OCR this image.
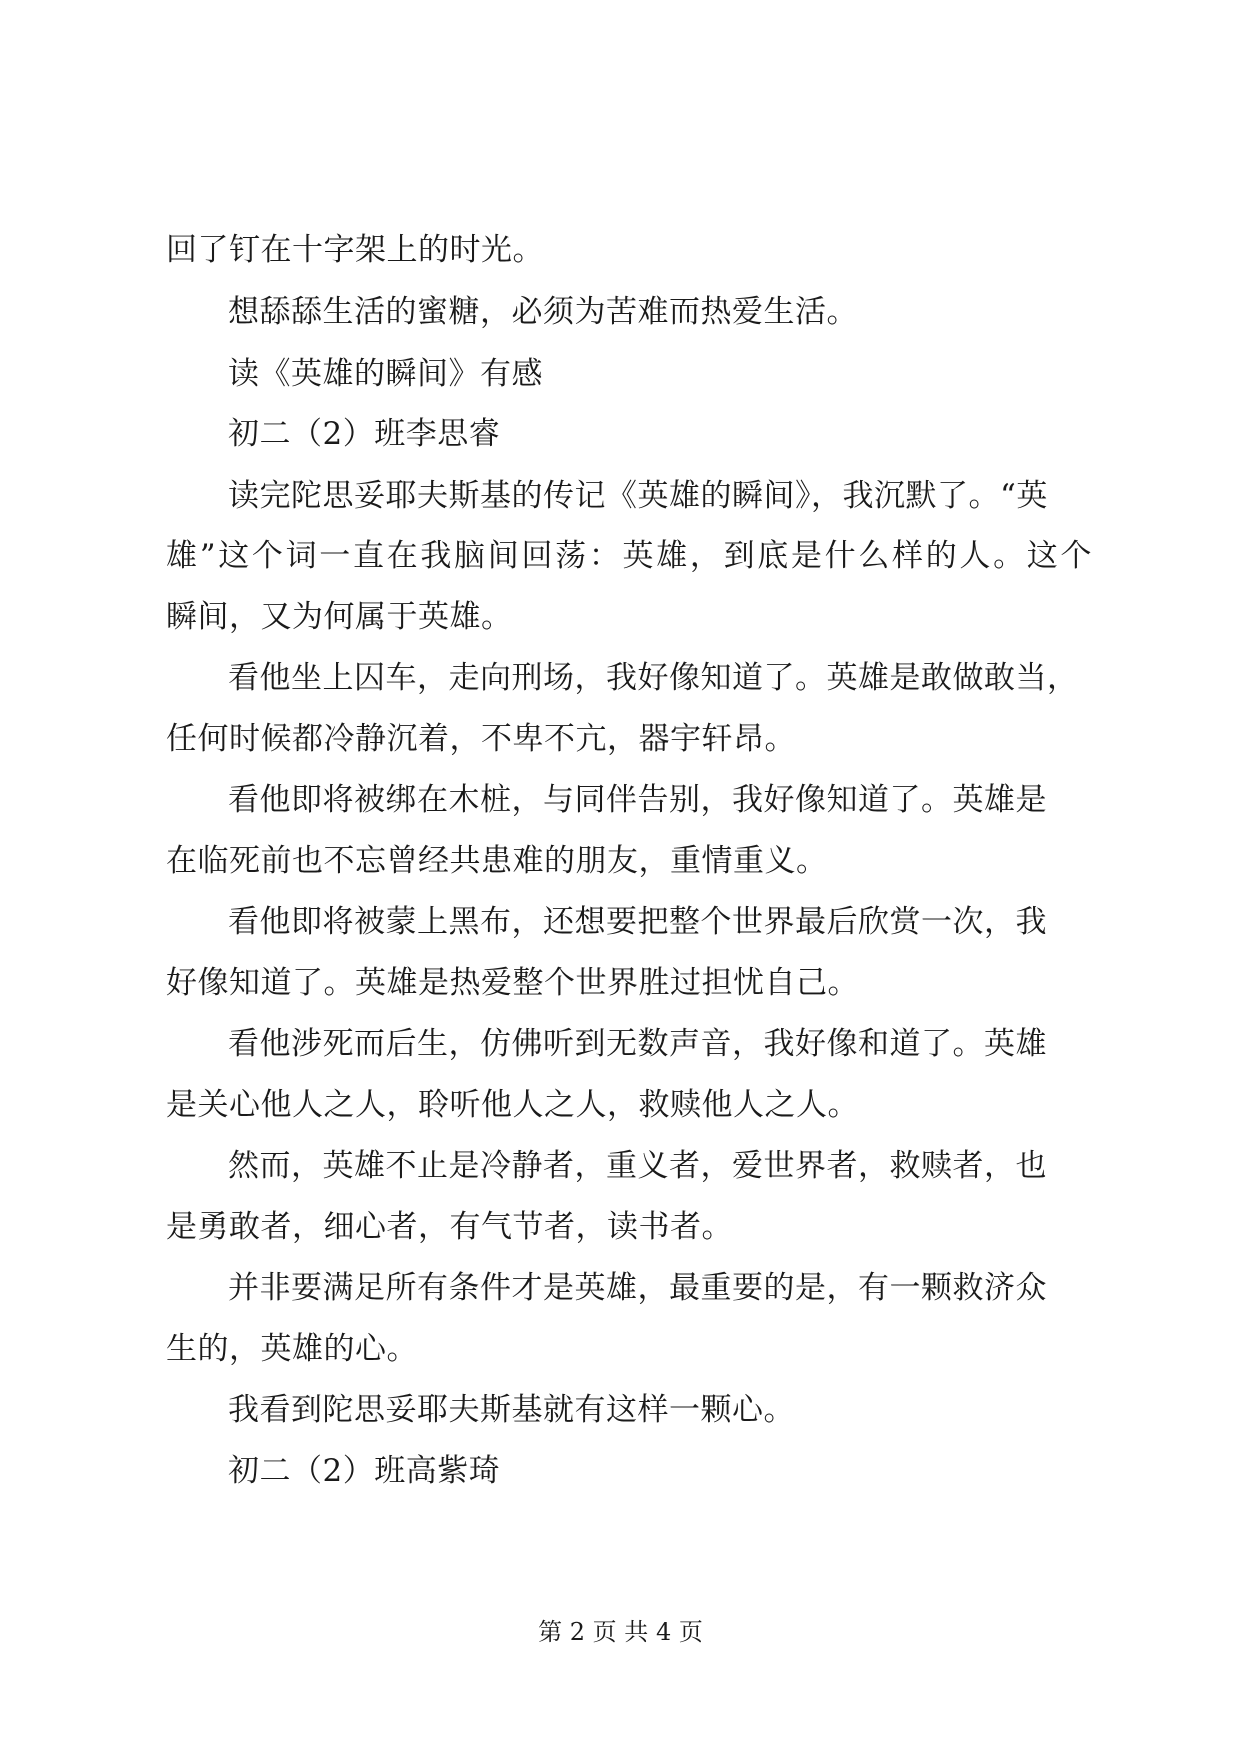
回了钉在十字架上的时光。
想舔舔生活的蜜糖，必须为苦难而热爱生活。
读《英雄的瞬间》有感
初二（2）班李思睿
读完陀思妥耶夫斯基的传记《英雄的瞬间》，我沉默了。“英
雄”这个词一直在我脑间回荡：英雄，到底是什么样的人。这个
瞬间，又为何属于英雄。
看他坐上囚车，走向刑场，我好像知道了。英雄是敢做敢当，
任何时候都冷静沉着，不卑不亢，器宇轩昂。
看他即将被绑在木桩，与同伴告别，我好像知道了。英雄是
在临死前也不忘曾经共患难的朋友，重情重义。
看他即将被蒙上黑布，还想要把整个世界最后欣赏一次，我
好像知道了。英雄是热爱整个世界胜过担忧自己。
看他涉死而后生，仿佛听到无数声音，我好像和道了。英雄
是关心他人之人，聆听他人之人，救赎他人之人。
然而，英雄不止是冷静者，重义者，爱世界者，救赎者，也
是勇敢者，细心者，有气节者，读书者。
并非要满足所有条件才是英雄，最重要的是，有一颗救济众
生的，英雄的心。
我看到陀思妥耶夫斯基就有这样一颗心。
初二（2）班高紫琦
第 2 页 共 4 页
